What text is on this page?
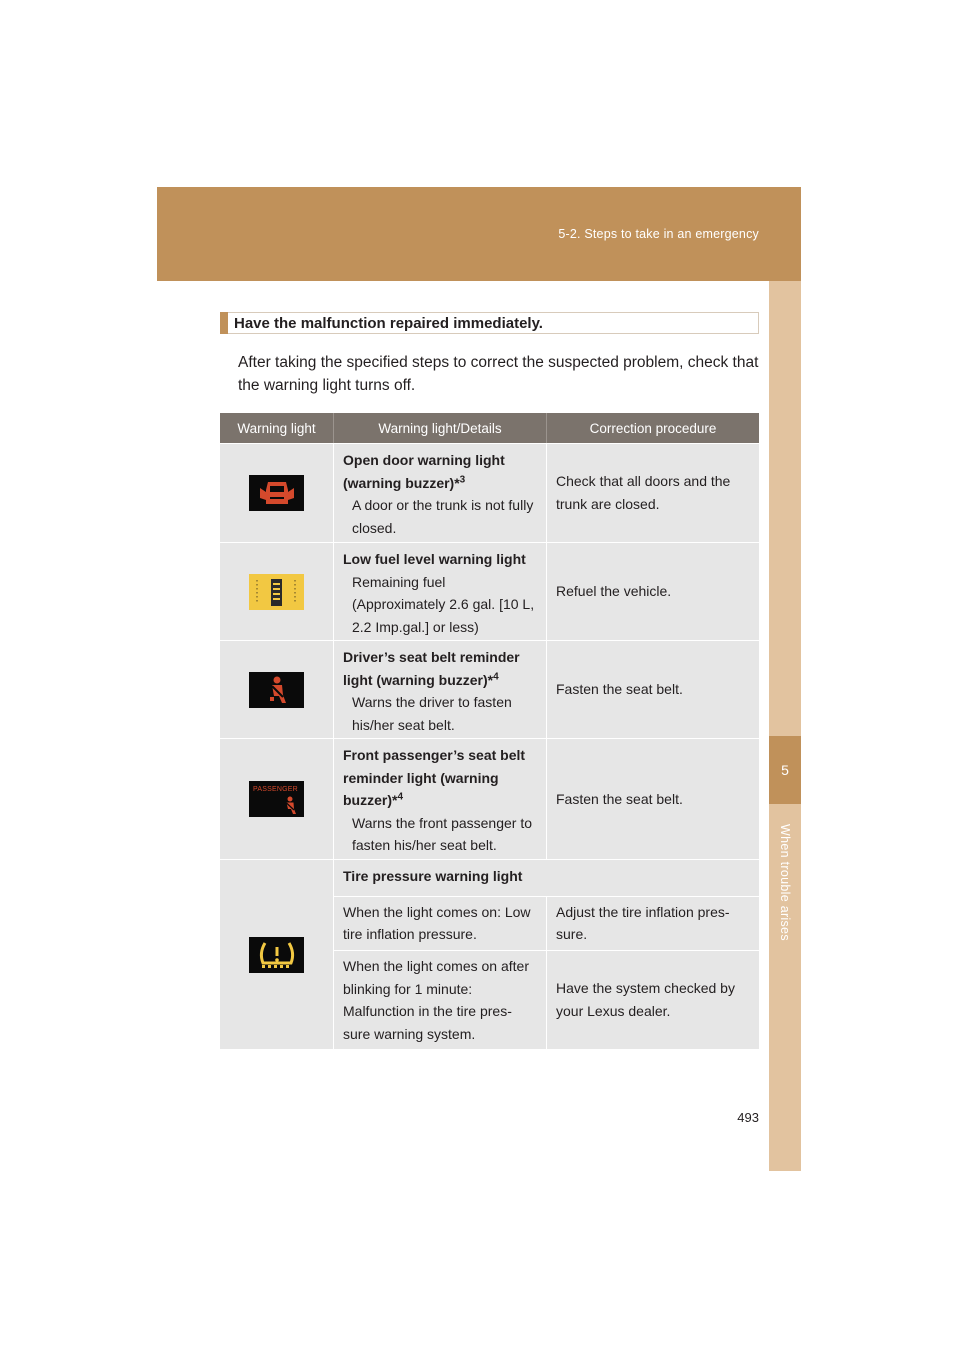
5-2. Steps to take in an emergency
5
When trouble arises
Have the malfunction repaired immediately.
After taking the specified steps to correct the suspected problem, check that the warning light turns off.
Warning light	Warning light/Details	Correction procedure
Open door warning light (warning buzzer)*$^3$
A door or the trunk is not fully closed.
Check that all doors and the trunk are closed.
Low fuel level warning light
Remaining fuel (Approximately 2.6 gal. [10 L, 2.2 Imp.gal.] or less)
Refuel the vehicle.
Driver’s seat belt reminder light (warning buzzer)*$^4$
Warns the driver to fasten his/her seat belt.
Fasten the seat belt.
PASSENGER
Front passenger’s seat belt reminder light (warning buzzer)*$^4$
Warns the front passenger to fasten his/her seat belt.
Fasten the seat belt.
Tire pressure warning light
When the light comes on: Low tire inflation pressure.
Adjust the tire inflation pres- sure.
When the light comes on after blinking for 1 minute: Malfunction in the tire pres- sure warning system.
Have the system checked by your Lexus dealer.
493
